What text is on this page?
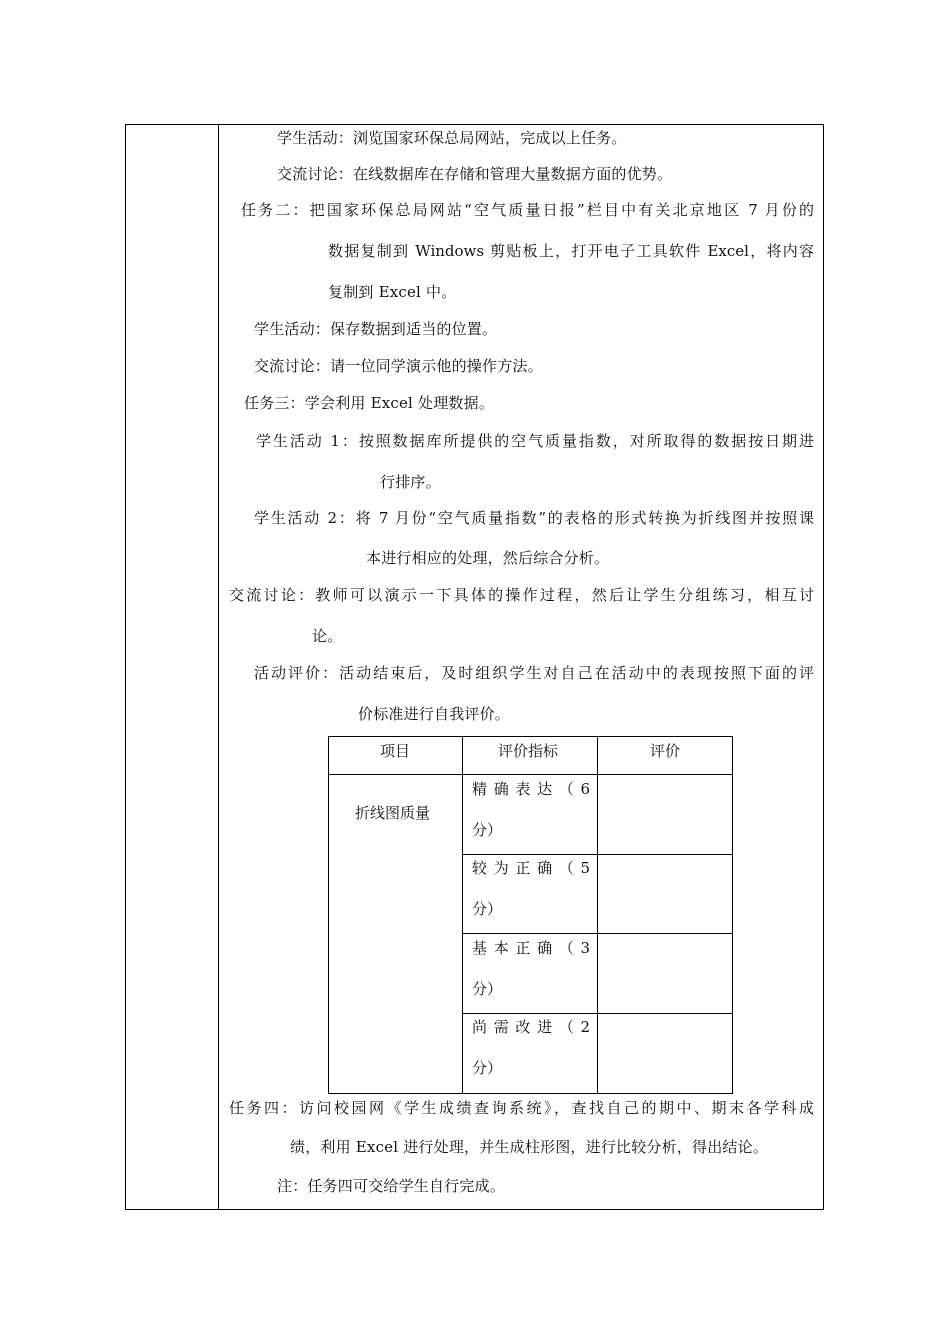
学生活动：浏览国家环保总局网站，完成以上任务。
交流讨论：在线数据库在存储和管理大量数据方面的优势。
任务二：把国家环保总局网站“空气质量日报”栏目中有关北京地区 7 月份的
数据复制到 Windows 剪贴板上，打开电子工具软件 Excel，将内容
复制到 Excel 中。
学生活动：保存数据到适当的位置。
交流讨论：请一位同学演示他的操作方法。
任务三：学会利用 Excel 处理数据。
学生活动 1：按照数据库所提供的空气质量指数，对所取得的数据按日期进
行排序。
学生活动 2：将 7 月份“空气质量指数”的表格的形式转换为折线图并按照课
本进行相应的处理，然后综合分析。
交流讨论：教师可以演示一下具体的操作过程，然后让学生分组练习，相互讨
论。
活动评价：活动结束后，及时组织学生对自己在活动中的表现按照下面的评
价标准进行自我评价。
项目	评价指标	评价
折线图质量
精确表达（6
分）
较为正确（5
分）
基本正确（3
分）
尚需改进（2
分）
任务四：访问校园网《学生成绩查询系统》，查找自己的期中、期末各学科成
绩，利用 Excel 进行处理，并生成柱形图，进行比较分析，得出结论。
注：任务四可交给学生自行完成。
